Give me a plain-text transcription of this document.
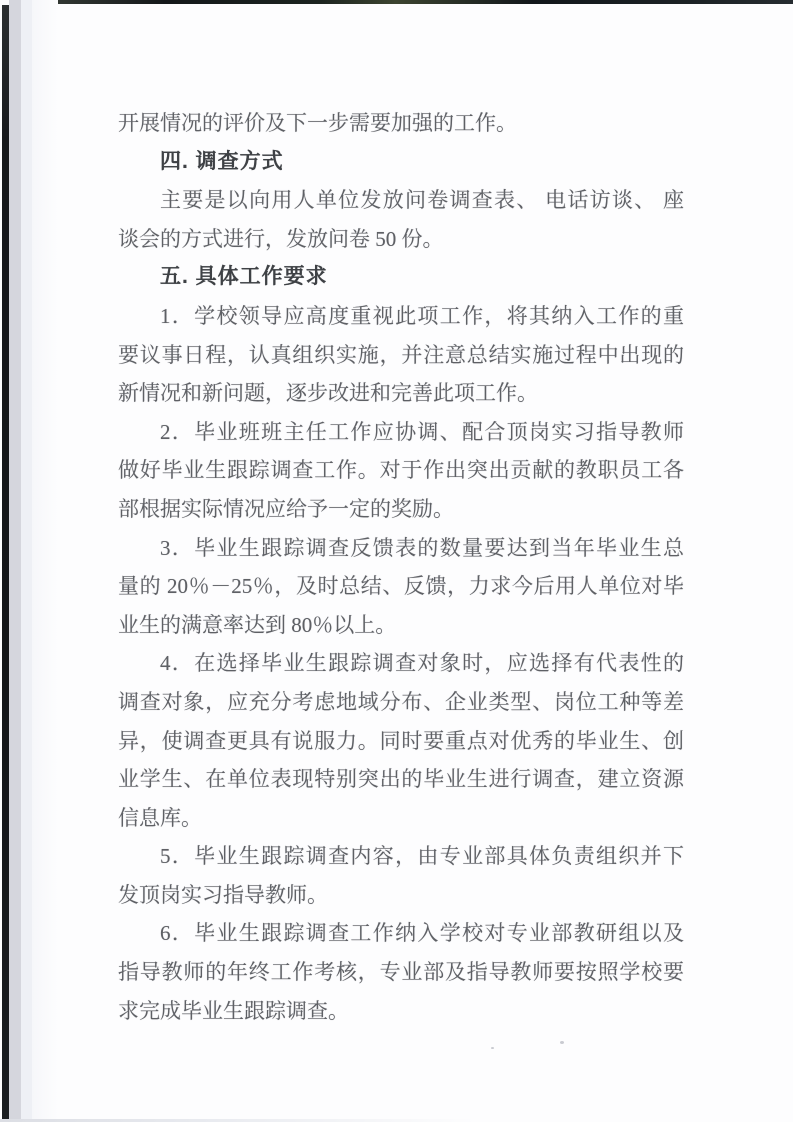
开展情况的评价及下一步需要加强的工作。
四. 调查方式
主要是以向用人单位发放问卷调查表、 电话访谈、 座
谈会的方式进行，发放问卷 50 份。
五. 具体工作要求
1．学校领导应高度重视此项工作，将其纳入工作的重
要议事日程，认真组织实施，并注意总结实施过程中出现的
新情况和新问题，逐步改进和完善此项工作。
2．毕业班班主任工作应协调、配合顶岗实习指导教师
做好毕业生跟踪调查工作。对于作出突出贡献的教职员工各
部根据实际情况应给予一定的奖励。
3．毕业生跟踪调查反馈表的数量要达到当年毕业生总
量的 20％－25％，及时总结、反馈，力求今后用人单位对毕
业生的满意率达到 80％以上。
4．在选择毕业生跟踪调查对象时，应选择有代表性的
调查对象，应充分考虑地域分布、企业类型、岗位工种等差
异，使调查更具有说服力。同时要重点对优秀的毕业生、创
业学生、在单位表现特别突出的毕业生进行调查，建立资源
信息库。
5．毕业生跟踪调查内容，由专业部具体负责组织并下
发顶岗实习指导教师。
6．毕业生跟踪调查工作纳入学校对专业部教研组以及
指导教师的年终工作考核，专业部及指导教师要按照学校要
求完成毕业生跟踪调查。
